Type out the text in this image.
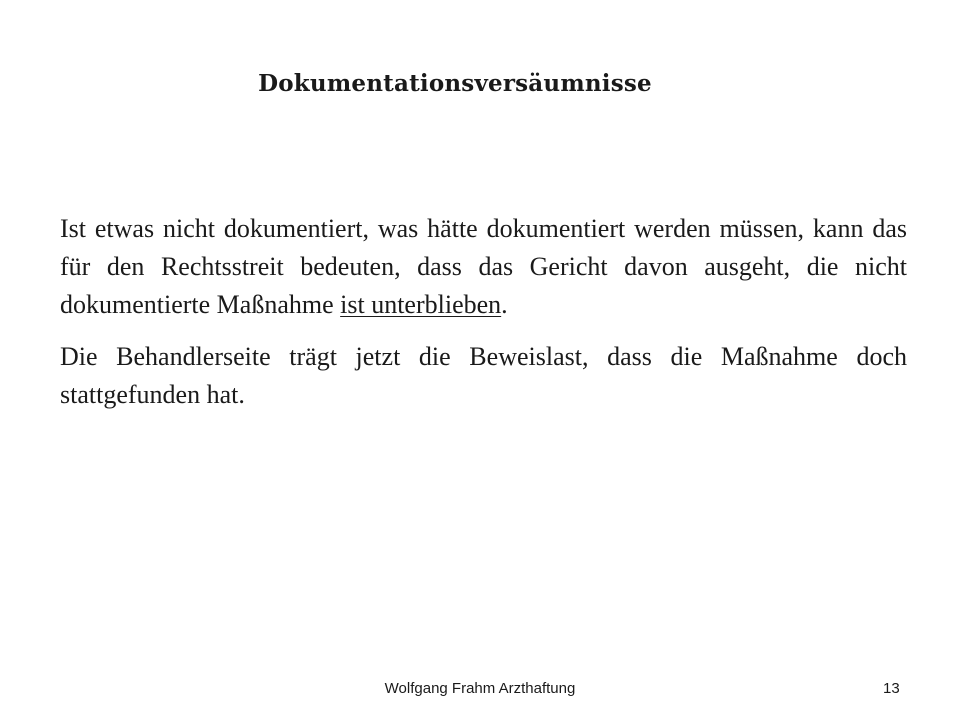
Dokumentationsversäumnisse

Ist etwas nicht dokumentiert, was hätte dokumentiert werden müssen, kann das für den Rechtsstreit bedeuten, dass das Gericht davon ausgeht, die nicht dokumentierte Maßnahme ist unterblieben.

Die Behandlerseite trägt jetzt die Beweislast, dass die Maßnahme doch stattgefunden hat.

Wolfgang Frahm Arzthaftung	13
